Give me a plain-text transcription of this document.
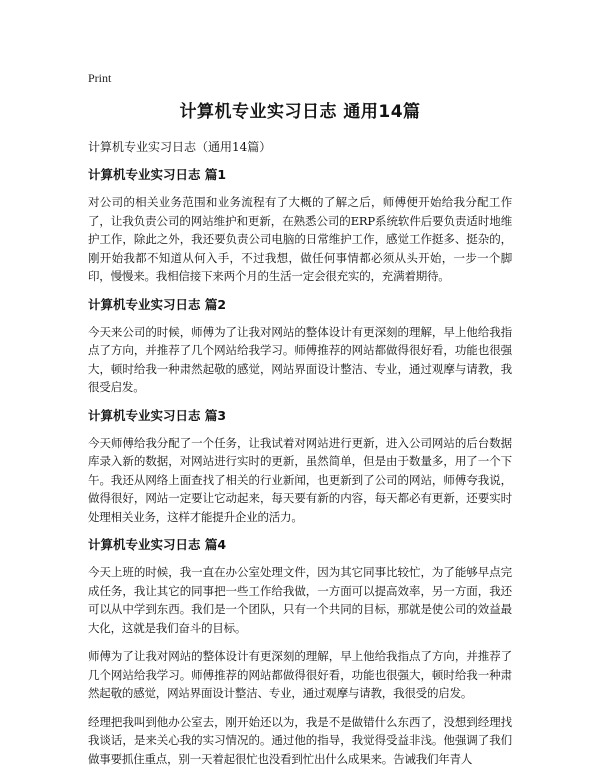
Print
计算机专业实习日志 通用14篇
计算机专业实习日志（通用14篇）
计算机专业实习日志 篇1

对公司的相关业务范围和业务流程有了大概的了解之后，师傅便开始给我分配工作了，让我负责公司的网站维护和更新，在熟悉公司的ERP系统软件后要负责适时地维护工作，除此之外，我还要负责公司电脑的日常维护工作，感觉工作挺多、挺杂的，刚开始我都不知道从何入手，不过我想，做任何事情都必须从头开始，一步一个脚印，慢慢来。我相信接下来两个月的生活一定会很充实的，充满着期待。

计算机专业实习日志 篇2

今天来公司的时候，师傅为了让我对网站的整体设计有更深刻的理解，早上他给我指点了方向，并推荐了几个网站给我学习。师傅推荐的网站都做得很好看，功能也很强大，顿时给我一种肃然起敬的感觉，网站界面设计整洁、专业，通过观摩与请教，我很受启发。

计算机专业实习日志 篇3

今天师傅给我分配了一个任务，让我试着对网站进行更新，进入公司网站的后台数据库录入新的数据，对网站进行实时的更新，虽然简单，但是由于数量多，用了一个下午。我还从网络上面查找了相关的行业新闻，也更新到了公司的网站，师傅夸我说，做得很好，网站一定要让它动起来，每天要有新的内容，每天都必有更新，还要实时处理相关业务，这样才能提升企业的活力。

计算机专业实习日志 篇4

今天上班的时候，我一直在办公室处理文件，因为其它同事比较忙，为了能够早点完成任务，我让其它的同事把一些工作给我做，一方面可以提高效率，另一方面，我还可以从中学到东西。我们是一个团队，只有一个共同的目标，那就是使公司的效益最大化，这就是我们奋斗的目标。

师傅为了让我对网站的整体设计有更深刻的理解，早上他给我指点了方向，并推荐了几个网站给我学习。师傅推荐的网站都做得很好看，功能也很强大，顿时给我一种肃然起敬的感觉，网站界面设计整洁、专业，通过观摩与请教，我很受的启发。

经理把我叫到他办公室去，刚开始还以为，我是不是做错什么东西了，没想到经理找我谈话，是来关心我的实习情况的。通过他的指导，我觉得受益非浅。他强调了我们做事要抓住重点，别一天着起很忙也没看到忙出什么成果来。告诫我们年青人
